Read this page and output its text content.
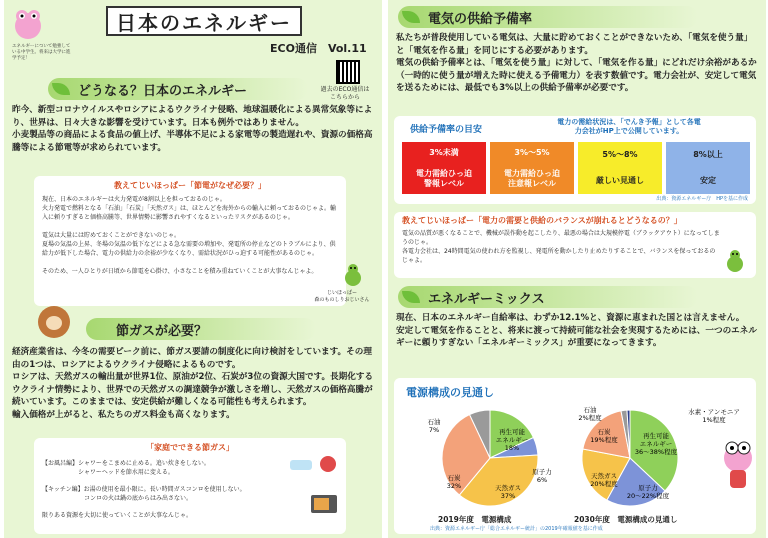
エネルギーについて勉強している中学生。将来は大学に進学予定！
日本のエネルギー
ECO通信　Vol.11
過去のECO通信は
こちらから
どうなる？日本のエネルギー
昨今、新型コロナウイルスやロシアによるウクライナ侵略、地球温暖化による異常気象等により、世界は、日々大きな影響を受けています。日本も例外ではありません。
小麦製品等の商品による食品の値上げ、半導体不足による家電等の製造遅れや、資源の価格高騰等による節電等が求められています。
教えてじいほっぱー「節電がなぜ必要？」
現在、日本のエネルギーは火力発電が8割以上を担っておるのじゃ。
火力発電で燃料となる「石油」「石炭」「天然ガス」は、ほとんどを海外からの輸入に頼っておるのじゃよ。輸入に頼りすぎると価格高騰等、世界情勢に影響されやすくなるといったリスクがあるのじゃ。

電気は大量には貯めておくことができないのじゃ。
夏場の気温の上昇、冬場の気温の低下などによる急な需要の増加や、発電所の停止などのトラブルにより、供給力が低下した場合、電力の供給力の余裕が少なくなり、需給状況がひっ迫する可能性があるのじゃ。

そのため、一人ひとりが日頃から節電を心掛け、小さなことを積み重ねていくことが大事なんじゃよ。
じいほっぱー
森のものしりおじいさん
節ガスが必要？
経済産業省は、今冬の需要ピーク前に、節ガス要請の制度化に向け検討をしています。その理由の1つは、ロシアによるウクライナ侵略によるものです。
ロシアは、天然ガスの輸出量が世界1位、原油が2位、石炭が3位の資源大国です。長期化するウクライナ情勢により、世界での天然ガスの調達競争が激しさを増し、天然ガスの価格高騰が続いています。このままでは、安定供給が難しくなる可能性も考えられます。
輸入価格が上がると、私たちのガス料金も高くなります。
「家庭でできる節ガス」
【お風呂編】シャワーをこまめに止める。追い炊きをしない。
　　　　　　シャワーヘッドを節水用に変える。
【キッチン編】お湯の使用を最小限に。長い時間ガスコンロを使用しない。
　　　　　　　コンロの火は鍋の底からはみ出さない。
限りある資源を大切に使っていくことが大事なんじゃ。
電気の供給予備率
私たちが普段使用している電気は、大量に貯めておくことができないため、「電気を使う量」と「電気を作る量」を同じにする必要があります。
電気の供給予備率とは、「電気を使う量」に対して、「電気を作る量」にどれだけ余裕があるか（一時的に使う量が増えた時に使える予備電力）を表す数値です。電力会社が、安定して電気を送るためには、最低でも3%以上の供給予備率が必要です。
供給予備率の目安
電力の需給状況は、「でんき予報」として各電力会社がHP上で公開しています。
3%未満
電力需給ひっ迫
警報レベル
3%～5%
電力需給ひっ迫
注意報レベル
5%～8%
厳しい見通し
8%以上
安定
出典：資源エネルギー庁　HPを基に作成
教えてじいほっぱー「電力の需要と供給のバランスが崩れるとどうなるの？」
電気の品質が悪くなることで、機械が誤作動を起こしたり、最悪の場合は大規模停電（ブラックアウト）になってしまうのじゃ。
各電力会社は、24時間電気の使われ方を監視し、発電所を動かしたり止めたりすることで、バランスを保っておるのじゃよ。
エネルギーミックス
現在、日本のエネルギー自給率は、わずか12.1%と、資源に恵まれた国とは言えません。
安定して電気を作ることと、将来に渡って持続可能な社会を実現するためには、一つのエネルギーに頼りすぎない「エネルギーミックス」が重要になってきます。
電源構成の見通し
再生可能エネルギー 18%
原子力 6%
天然ガス 37%
石炭 32%
石油 7%
再生可能エネルギー 36～38%程度
原子力 20～22%程度
天然ガス 20%程度
石炭 19%程度
石油 2%程度
水素・アンモニア 1%程度
2019年度　電源構成	2030年度　電源構成の見通し
出典：資源エネルギー庁「総合エネルギー統計」の2019年確報値を基に作成
